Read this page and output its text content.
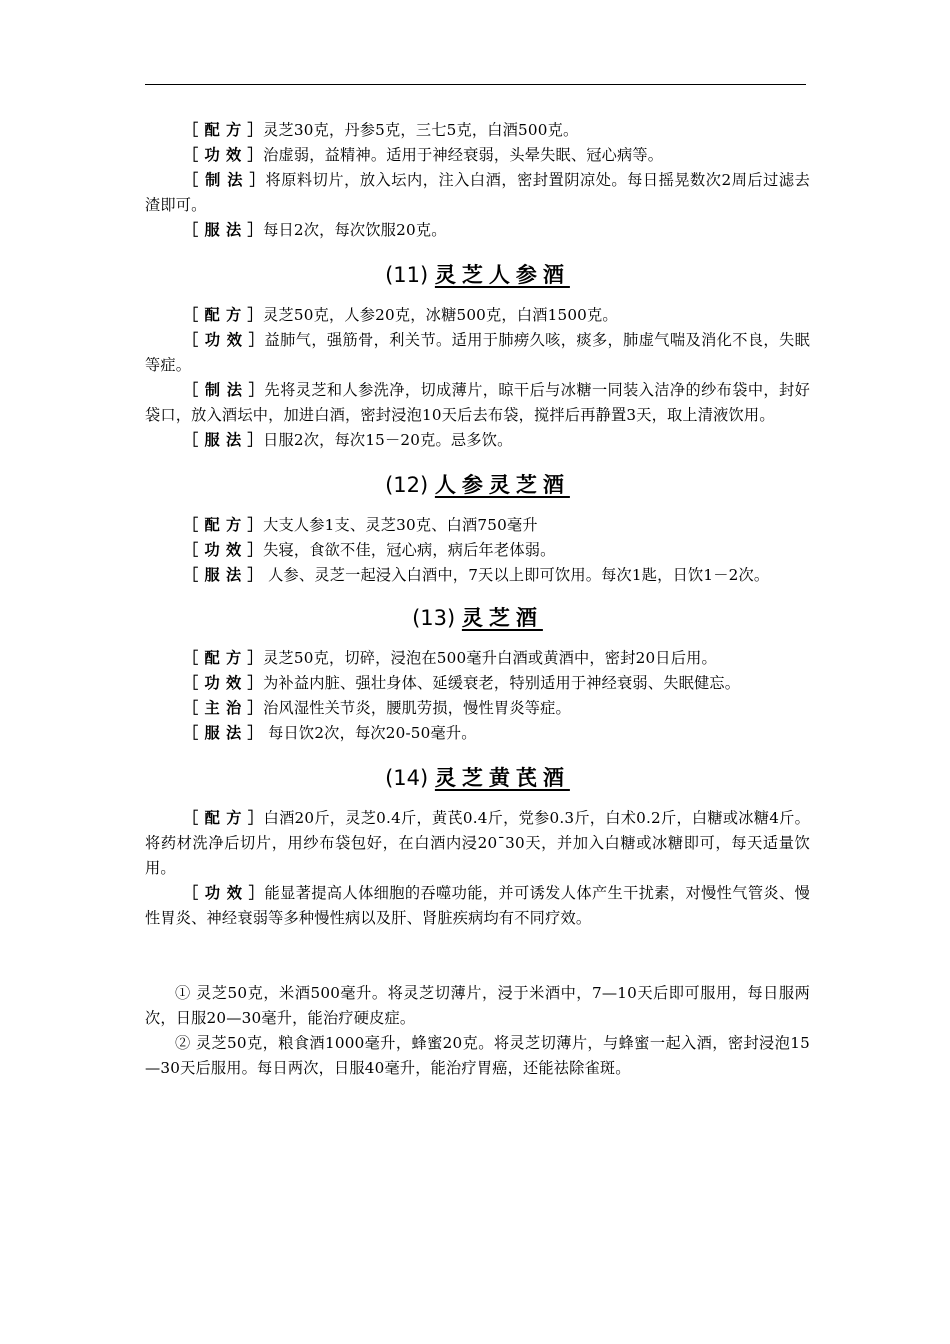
［ 配 方 ］灵芝30克，丹参5克，三七5克，白酒500克。

［ 功 效 ］治虚弱，益精神。适用于神经衰弱，头晕失眠、冠心病等。

［ 制 法 ］将原料切片，放入坛内，注入白酒，密封置阴凉处。每日摇晃数次2周后过滤去渣即可。

［ 服 法 ］每日2次，每次饮服20克。

(11) 灵芝人参酒

［ 配 方 ］灵芝50克，人参20克，冰糖500克，白酒1500克。

［ 功 效 ］益肺气，强筋骨，利关节。适用于肺痨久咳，痰多，肺虚气喘及消化不良，失眠等症。

［ 制 法 ］先将灵芝和人参洗净，切成薄片，晾干后与冰糖一同装入洁净的纱布袋中，封好袋口，放入酒坛中，加进白酒，密封浸泡10天后去布袋，搅拌后再静置3天，取上清液饮用。

［ 服 法 ］日服2次，每次15－20克。忌多饮。

(12) 人参灵芝酒

［ 配 方 ］大支人参1支、灵芝30克、白酒750毫升

［ 功 效 ］失寝，食欲不佳，冠心病，病后年老体弱。

［ 服 法 ］ 人参、灵芝一起浸入白酒中，7天以上即可饮用。每次1匙，日饮1－2次。

(13) 灵芝酒

［ 配 方 ］灵芝50克，切碎，浸泡在500毫升白酒或黄酒中，密封20日后用。

［ 功 效 ］为补益内脏、强壮身体、延缓衰老，特别适用于神经衰弱、失眠健忘。

［ 主 治 ］治风湿性关节炎，腰肌劳损，慢性胃炎等症。

［ 服 法 ］ 每日饮2次，每次20-50毫升。

(14) 灵芝黄芪酒

［ 配 方 ］白酒20斤，灵芝0.4斤，黄芪0.4斤，党参0.3斤，白术0.2斤，白糖或冰糖4斤。将药材洗净后切片，用纱布袋包好，在白酒内浸20¯30天，并加入白糖或冰糖即可，每天适量饮用。

［ 功 效 ］能显著提高人体细胞的吞噬功能，并可诱发人体产生干扰素，对慢性气管炎、慢性胃炎、神经衰弱等多种慢性病以及肝、肾脏疾病均有不同疗效。

① 灵芝50克，米酒500毫升。将灵芝切薄片，浸于米酒中，7—10天后即可服用，每日服两次，日服20—30毫升，能治疗硬皮症。

② 灵芝50克，粮食酒1000毫升，蜂蜜20克。将灵芝切薄片，与蜂蜜一起入酒，密封浸泡15—30天后服用。每日两次，日服40毫升，能治疗胃癌，还能祛除雀斑。
